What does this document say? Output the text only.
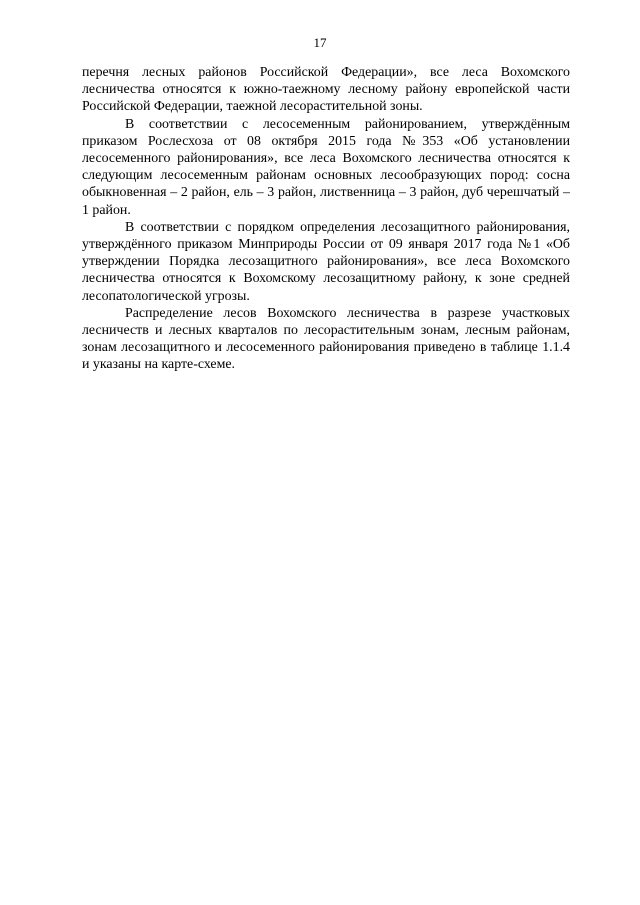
17

перечня лесных районов Российской Федерации», все леса Вохомского лесничества относятся к южно-таежному лесному району европейской части Российской Федерации, таежной лесорастительной зоны.

В соответствии с лесосеменным районированием, утверждённым приказом Рослесхоза от 08 октября 2015 года №353 «Об установлении лесосеменного районирования», все леса Вохомского лесничества относятся к следующим лесосеменным районам основных лесообразующих пород: сосна обыкновенная – 2 район, ель – 3 район, лиственница – 3 район, дуб черешчатый – 1 район.

В соответствии с порядком определения лесозащитного районирования, утверждённого приказом Минприроды России от 09 января 2017 года №1 «Об утверждении Порядка лесозащитного районирования», все леса Вохомского лесничества относятся к Вохомскому лесозащитному району, к зоне средней лесопатологической угрозы.

Распределение лесов Вохомского лесничества в разрезе участковых лесничеств и лесных кварталов по лесорастительным зонам, лесным районам, зонам лесозащитного и лесосеменного районирования приведено в таблице 1.1.4 и указаны на карте-схеме.
